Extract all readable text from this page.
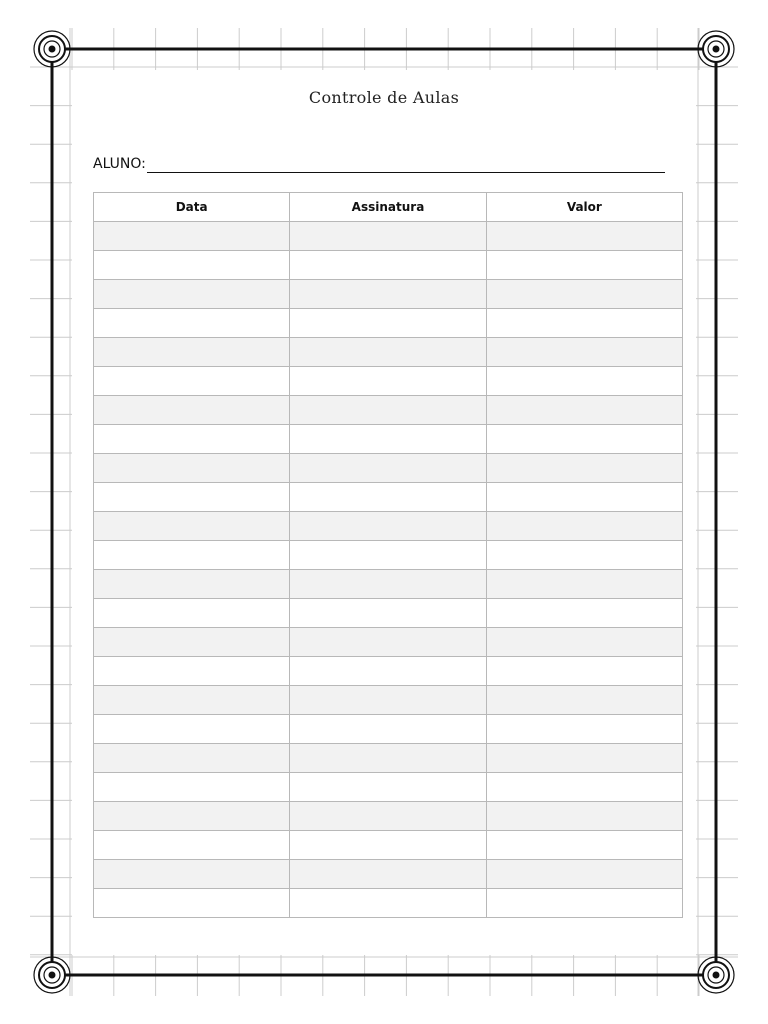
Controle de Aulas
ALUNO:
Data	Assinatura	Valor
